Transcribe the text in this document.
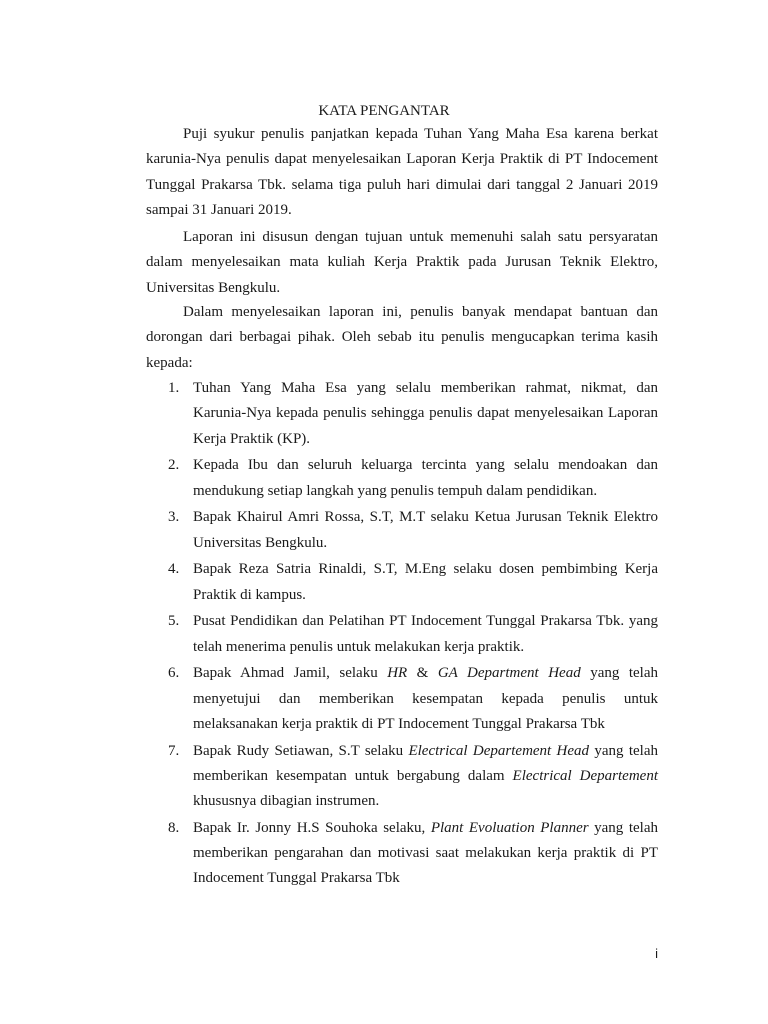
KATA PENGANTAR

Puji syukur penulis panjatkan kepada Tuhan Yang Maha Esa karena berkat karunia-Nya penulis dapat menyelesaikan Laporan Kerja Praktik di PT Indocement Tunggal Prakarsa Tbk. selama tiga puluh hari dimulai dari tanggal 2 Januari 2019 sampai 31 Januari 2019.

Laporan ini disusun dengan tujuan untuk memenuhi salah satu persyaratan dalam menyelesaikan mata kuliah Kerja Praktik pada Jurusan Teknik Elektro, Universitas Bengkulu.

Dalam menyelesaikan laporan ini, penulis banyak mendapat bantuan dan dorongan dari berbagai pihak. Oleh sebab itu penulis mengucapkan terima kasih kepada:

1. Tuhan Yang Maha Esa yang selalu memberikan rahmat, nikmat, dan Karunia-Nya kepada penulis sehingga penulis dapat menyelesaikan Laporan Kerja Praktik (KP).
2. Kepada Ibu dan seluruh keluarga tercinta yang selalu mendoakan dan mendukung setiap langkah yang penulis tempuh dalam pendidikan.
3. Bapak Khairul Amri Rossa, S.T, M.T selaku Ketua Jurusan Teknik Elektro Universitas Bengkulu.
4. Bapak Reza Satria Rinaldi, S.T, M.Eng selaku dosen pembimbing Kerja Praktik di kampus.
5. Pusat Pendidikan dan Pelatihan PT Indocement Tunggal Prakarsa Tbk. yang telah menerima penulis untuk melakukan kerja praktik.
6. Bapak Ahmad Jamil, selaku HR & GA Department Head yang telah menyetujui dan memberikan kesempatan kepada penulis untuk melaksanakan kerja praktik di PT Indocement Tunggal Prakarsa Tbk
7. Bapak Rudy Setiawan, S.T selaku Electrical Departement Head yang telah memberikan kesempatan untuk bergabung dalam Electrical Departement khususnya dibagian instrumen.
8. Bapak Ir. Jonny H.S Souhoka selaku, Plant Evoluation Planner yang telah memberikan pengarahan dan motivasi saat melakukan kerja praktik di PT Indocement Tunggal Prakarsa Tbk
i
